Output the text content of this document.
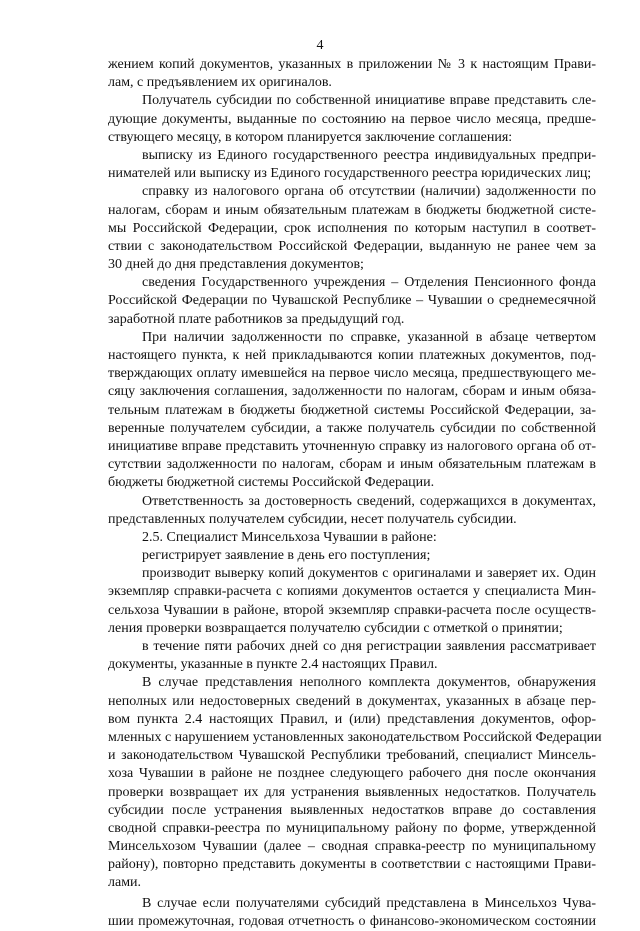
4
жением копий документов, указанных в приложении № 3 к настоящим Прави-
лам, с предъявлением их оригиналов.
Получатель субсидии по собственной инициативе вправе представить сле-
дующие документы, выданные по состоянию на первое число месяца, предше-
ствующего месяцу, в котором планируется заключение соглашения:
выписку из Единого государственного реестра индивидуальных предпри-
нимателей или выписку из Единого государственного реестра юридических лиц;
справку из налогового органа об отсутствии (наличии) задолженности по
налогам, сборам и иным обязательным платежам в бюджеты бюджетной систе-
мы Российской Федерации, срок исполнения по которым наступил в соответ-
ствии с законодательством Российской Федерации, выданную не ранее чем за
30 дней до дня представления документов;
сведения Государственного учреждения – Отделения Пенсионного фонда
Российской Федерации по Чувашской Республике – Чувашии о среднемесячной
заработной плате работников за предыдущий год.
При наличии задолженности по справке, указанной в абзаце четвертом
настоящего пункта, к ней прикладываются копии платежных документов, под-
тверждающих оплату имевшейся на первое число месяца, предшествующего ме-
сяцу заключения соглашения, задолженности по налогам, сборам и иным обяза-
тельным платежам в бюджеты бюджетной системы Российской Федерации, за-
веренные получателем субсидии, а также получатель субсидии по собственной
инициативе вправе представить уточненную справку из налогового органа об от-
сутствии задолженности по налогам, сборам и иным обязательным платежам в
бюджеты бюджетной системы Российской Федерации.
Ответственность за достоверность сведений, содержащихся в документах,
представленных получателем субсидии, несет получатель субсидии.
2.5. Специалист Минсельхоза Чувашии в районе:
регистрирует заявление в день его поступления;
производит выверку копий документов с оригиналами и заверяет их. Один
экземпляр справки-расчета с копиями документов остается у специалиста Мин-
сельхоза Чувашии в районе, второй экземпляр справки-расчета после осуществ-
ления проверки возвращается получателю субсидии с отметкой о принятии;
в течение пяти рабочих дней со дня регистрации заявления рассматривает
документы, указанные в пункте 2.4 настоящих Правил.
В случае представления неполного комплекта документов, обнаружения
неполных или недостоверных сведений в документах, указанных в абзаце пер-
вом пункта 2.4 настоящих Правил, и (или) представления документов, офор-
мленных с нарушением установленных законодательством Российской Федерации
и законодательством Чувашской Республики требований, специалист Минсель-
хоза Чувашии в районе не позднее следующего рабочего дня после окончания
проверки возвращает их для устранения выявленных недостатков. Получатель
субсидии после устранения выявленных недостатков вправе до составления
сводной справки-реестра по муниципальному району по форме, утвержденной
Минсельхозом Чувашии (далее – сводная справка-реестр по муниципальному
району), повторно представить документы в соответствии с настоящими Прави-
лами.
В случае если получателями субсидий представлена в Минсельхоз Чува-
шии промежуточная, годовая отчетность о финансово-экономическом состоянии
